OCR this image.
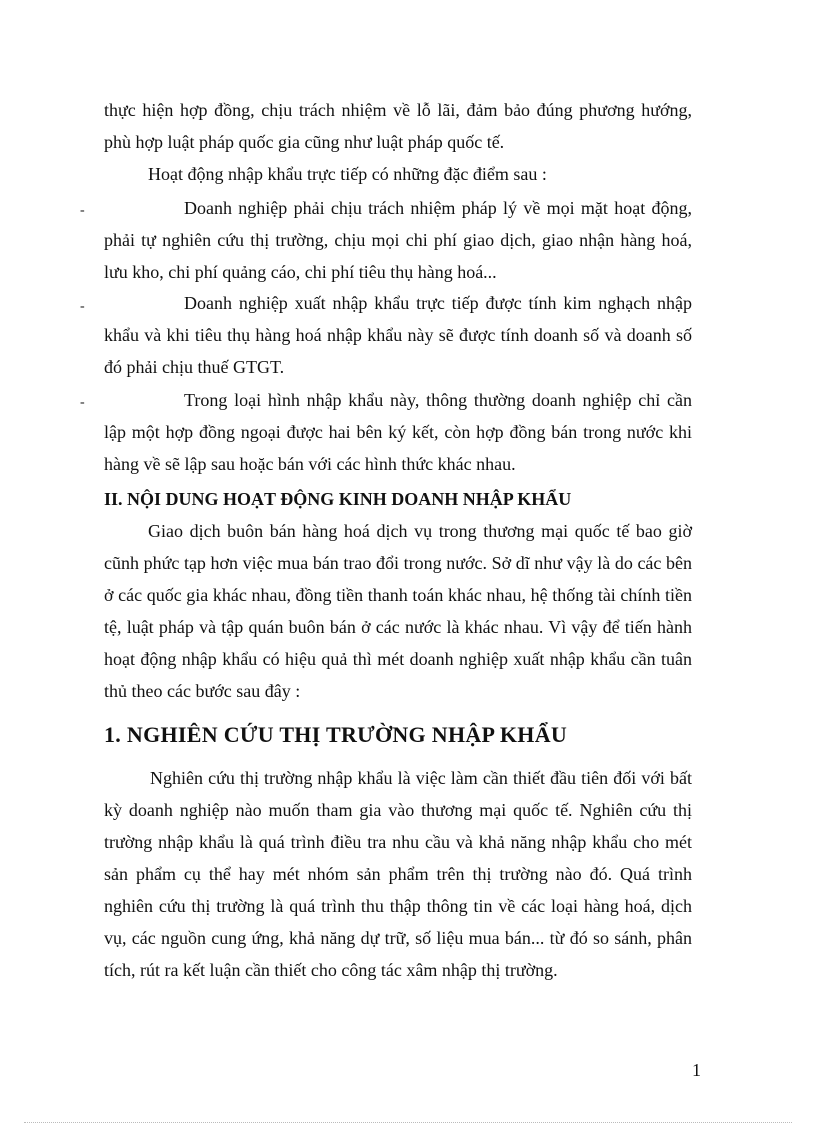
thực hiện hợp đồng, chịu trách nhiệm về lỗ lãi, đảm bảo đúng phương hướng, phù hợp luật pháp quốc gia cũng như luật pháp quốc tế.

Hoạt động nhập khẩu trực tiếp có những đặc điểm sau :

-	Doanh nghiệp phải chịu trách nhiệm pháp lý về mọi mặt hoạt động, phải tự nghiên cứu thị trường, chịu mọi chi phí giao dịch, giao nhận hàng hoá, lưu kho, chi phí quảng cáo, chi phí tiêu thụ hàng hoá...

-	Doanh nghiệp xuất nhập khẩu trực tiếp được tính kim nghạch nhập khẩu và khi tiêu thụ hàng hoá nhập khẩu này sẽ được tính doanh số và doanh số đó phải chịu thuế GTGT.

-	Trong loại hình nhập khẩu này, thông thường doanh nghiệp chỉ cần lập một hợp đồng ngoại được hai bên ký kết, còn hợp đồng bán trong nước khi hàng về sẽ lập sau hoặc bán với các hình thức khác nhau.

II. NỘI DUNG HOẠT ĐỘNG KINH DOANH NHẬP KHẨU

Giao dịch buôn bán hàng hoá dịch vụ trong thương mại quốc tế bao giờ cũnh phức tạp hơn việc mua bán trao đổi trong nước. Sở dĩ như vậy là do các bên ở các quốc gia khác nhau, đồng tiền thanh toán khác nhau, hệ thống tài chính tiền tệ, luật pháp và tập quán buôn bán ở các nước là khác nhau. Vì vậy để tiến hành hoạt động nhập khẩu có hiệu quả thì mét doanh nghiệp xuất nhập khẩu cần tuân thủ theo các bước sau đây :

1. NGHIÊN CỨU THỊ TRƯỜNG NHẬP KHẨU

Nghiên cứu thị trường nhập khẩu là việc làm cần thiết đầu tiên đối với bất kỳ doanh nghiệp nào muốn tham gia vào thương mại quốc tế. Nghiên cứu thị trường nhập khẩu là quá trình điều tra nhu cầu và khả năng nhập khẩu cho mét sản phẩm cụ thể hay mét nhóm sản phẩm trên thị trường nào đó. Quá trình nghiên cứu thị trường là quá trình thu thập thông tin về các loại hàng hoá, dịch vụ, các nguồn cung ứng, khả năng dự trữ, số liệu mua bán... từ đó so sánh, phân tích, rút ra kết luận cần thiết cho công tác xâm nhập thị trường.

1
